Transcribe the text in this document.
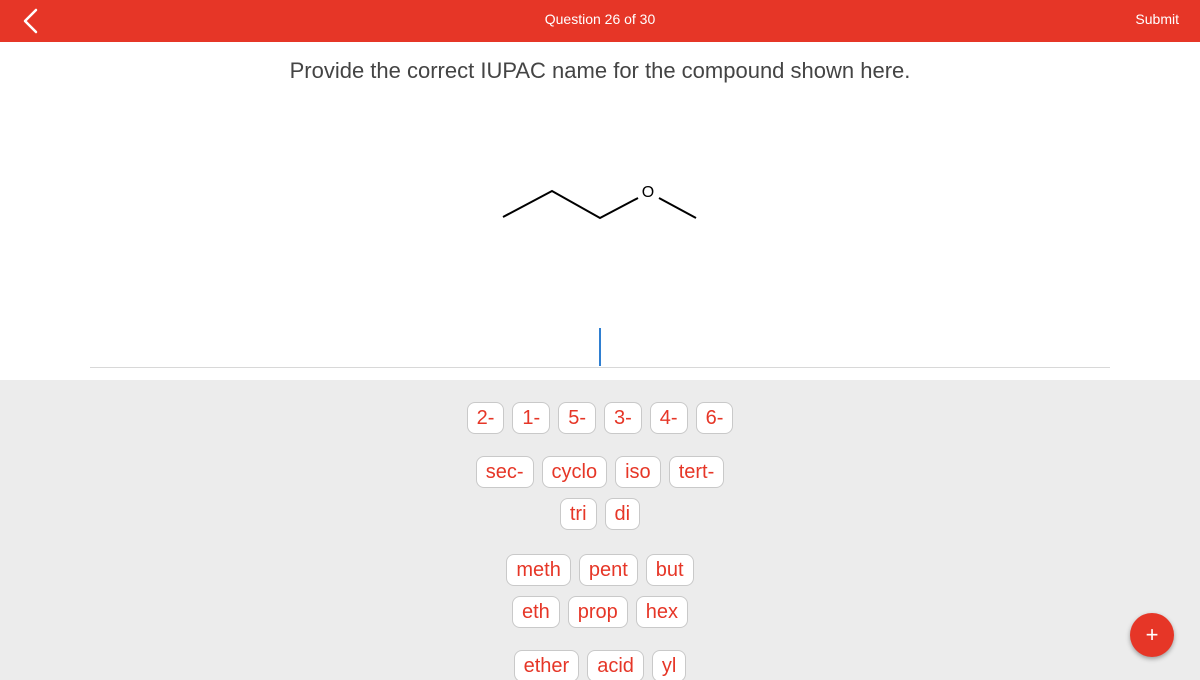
Question 26 of 30	Submit
Provide the correct IUPAC name for the compound shown here.
O
2-	1-	5-	3-	4-	6-
sec-	cyclo	iso	tert-
tri	di
meth	pent	but
eth	prop	hex
ether	acid	yl
+
